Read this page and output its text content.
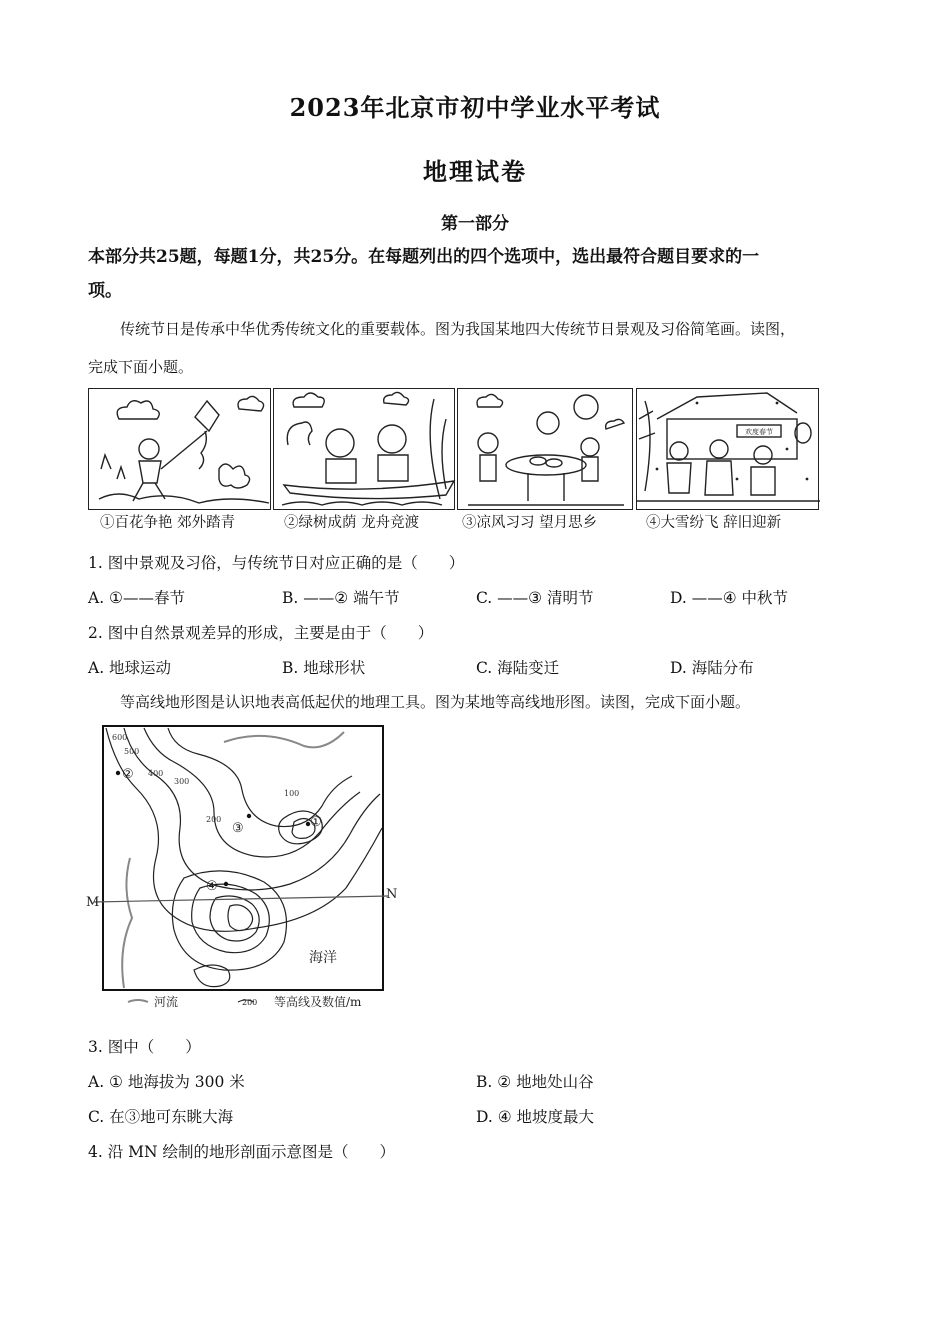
2023年北京市初中学业水平考试
地理试卷
第一部分
本部分共25题，每题1分，共25分。在每题列出的四个选项中，选出最符合题目要求的一
项。
传统节日是传承中华优秀传统文化的重要载体。图为我国某地四大传统节日景观及习俗简笔画。读图，
完成下面小题。
欢度春节
①百花争艳 郊外踏青	②绿树成荫 龙舟竞渡	③凉风习习 望月思乡	④大雪纷飞 辞旧迎新
1. 图中景观及习俗，与传统节日对应正确的是（　　）
A. ①——春节	B. ——② 端午节	C. ——③ 清明节	D. ——④ 中秋节
2. 图中自然景观差异的形成，主要是由于（　　）
A. 地球运动	B. 地球形状	C. 海陆变迁	D. 海陆分布
等高线地形图是认识地表高低起伏的地理工具。图为某地等高线地形图。读图，完成下面小题。
②
③	①
④
M
N
海洋
600
500
400
300
200
100
河流	200 等高线及数值/m
3. 图中（　　）
A. ① 地海拔为 300 米	B. ② 地地处山谷
C. 在③地可东眺大海	D. ④ 地坡度最大
4. 沿 MN 绘制的地形剖面示意图是（　　）
